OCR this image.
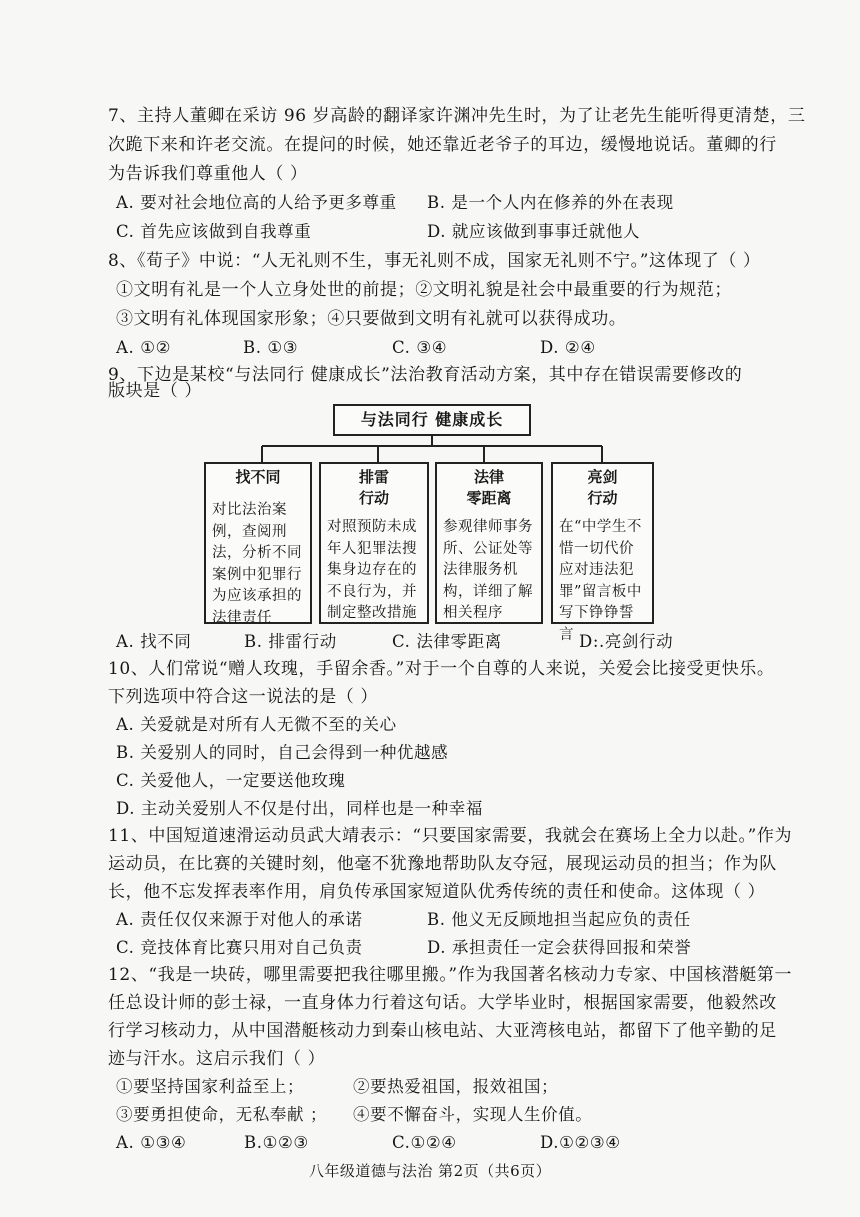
7、主持人董卿在采访 96 岁高龄的翻译家许渊冲先生时，为了让老先生能听得更清楚，三
次跪下来和许老交流。在提问的时候，她还靠近老爷子的耳边，缓慢地说话。董卿的行
为告诉我们尊重他人（ ）
A. 要对社会地位高的人给予更多尊重 B. 是一个人内在修养的外在表现
C. 首先应该做到自我尊重	D. 就应该做到事事迁就他人
8、《荀子》中说：“人无礼则不生，事无礼则不成，国家无礼则不宁。”这体现了（ ）
①文明有礼是一个人立身处世的前提；②文明礼貌是社会中最重要的行为规范；
③文明有礼体现国家形象；④只要做到文明有礼就可以获得成功。
A. ①②	B. ①③	C. ③④	D. ②④
9、下边是某校“与法同行 健康成长”法治教育活动方案，其中存在错误需要修改的
版块是（ ）
与法同行 健康成长
找不同
对比法治案例，查阅刑法，分析不同案例中犯罪行为应该承担的法律责任
排雷
行动
对照预防未成年人犯罪法搜集身边存在的不良行为，并制定整改措施
法律
零距离
参观律师事务所、公证处等法律服务机构，详细了解相关程序
亮剑
行动
在“中学生不惜一切代价应对违法犯罪”留言板中写下铮铮誓言
A. 找不同	B. 排雷行动	C. 法律零距离	D:.亮剑行动
10、人们常说“赠人玫瑰，手留余香。”对于一个自尊的人来说，关爱会比接受更快乐。
下列选项中符合这一说法的是（ ）
A. 关爱就是对所有人无微不至的关心
B. 关爱别人的同时，自己会得到一种优越感
C. 关爱他人，一定要送他玫瑰
D. 主动关爱别人不仅是付出，同样也是一种幸福
11、中国短道速滑运动员武大靖表示：“只要国家需要，我就会在赛场上全力以赴。”作为
运动员，在比赛的关键时刻，他毫不犹豫地帮助队友夺冠，展现运动员的担当；作为队
长，他不忘发挥表率作用，肩负传承国家短道队优秀传统的责任和使命。这体现（ ）
A. 责任仅仅来源于对他人的承诺	B. 他义无反顾地担当起应负的责任
C. 竞技体育比赛只用对自己负责	D. 承担责任一定会获得回报和荣誉
12、“我是一块砖，哪里需要把我往哪里搬。”作为我国著名核动力专家、中国核潜艇第一
任总设计师的彭士禄，一直身体力行着这句话。大学毕业时，根据国家需要，他毅然改
行学习核动力，从中国潜艇核动力到秦山核电站、大亚湾核电站，都留下了他辛勤的足
迹与汗水。这启示我们（ ）
①要坚持国家利益至上；	②要热爱祖国，报效祖国；
③要勇担使命，无私奉献 ； ④要不懈奋斗，实现人生价值。
A. ①③④	B.①②③	C.①②④	D.①②③④
八年级道德与法治 第2页（共6页）
